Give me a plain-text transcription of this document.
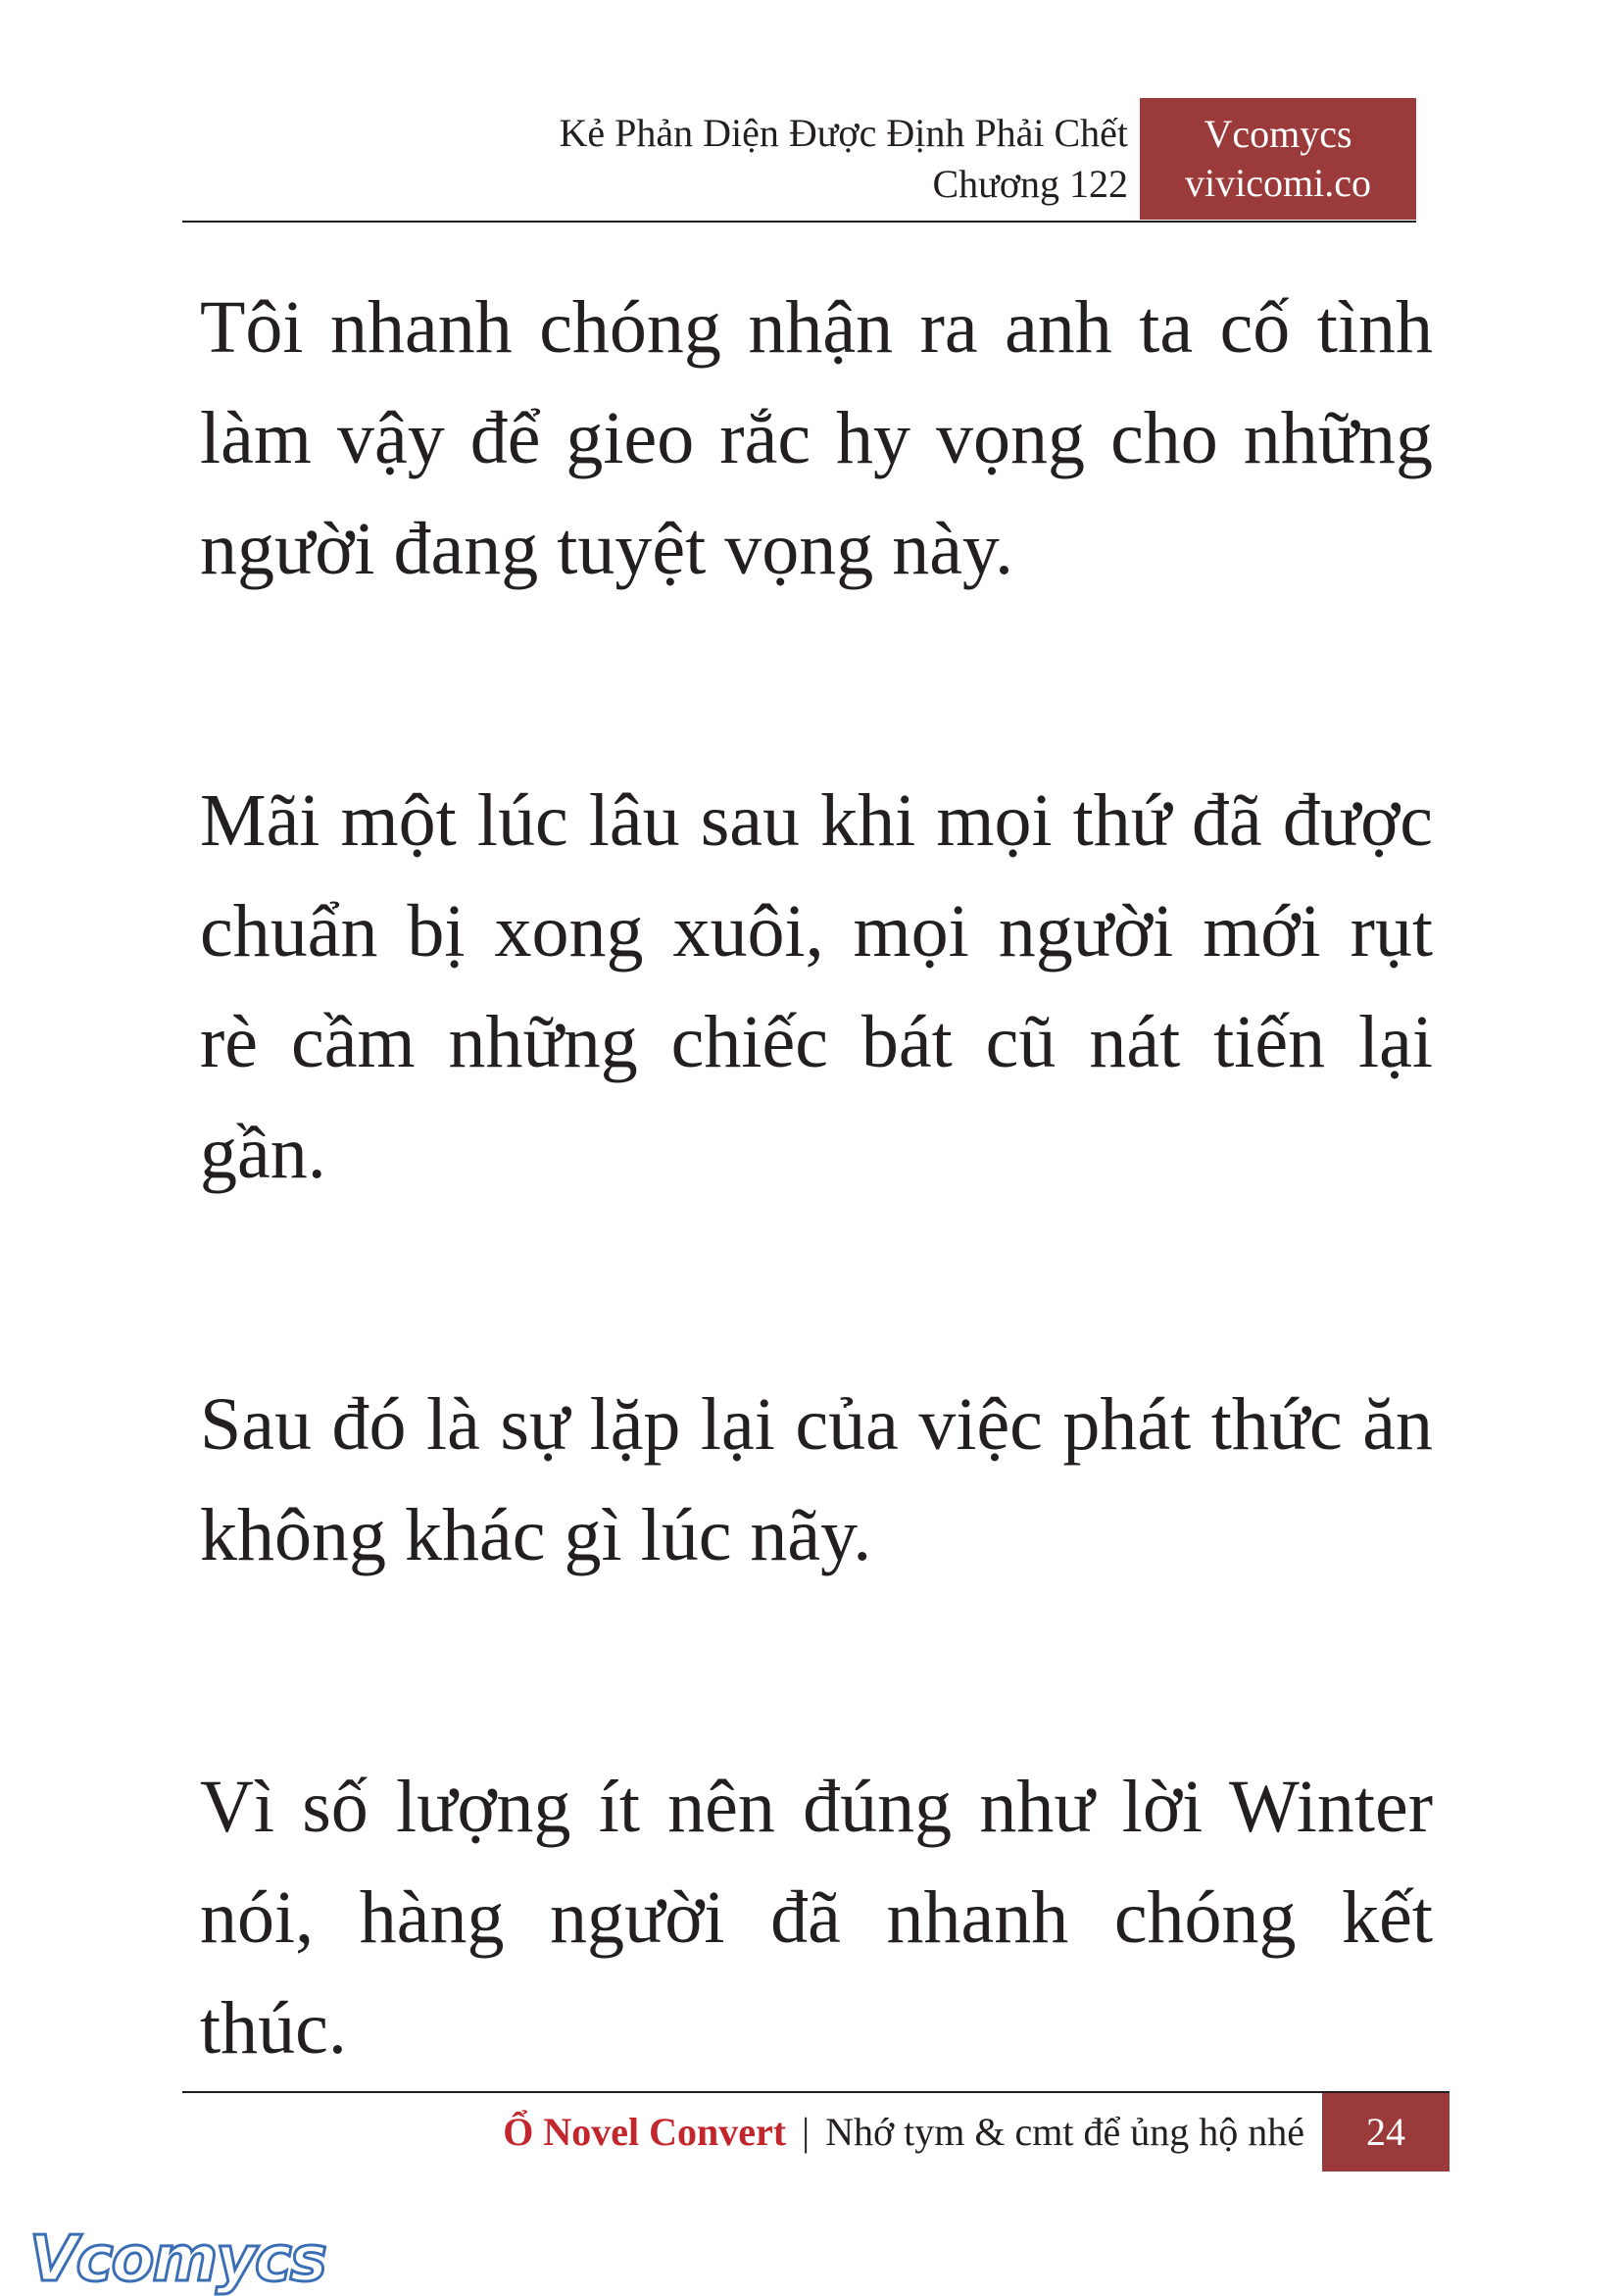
Kẻ Phản Diện Được Định Phải Chết
Chương 122
Vcomycs
vivicomi.co

Tôi nhanh chóng nhận ra anh ta cố tình làm vậy để gieo rắc hy vọng cho những người đang tuyệt vọng này.

Mãi một lúc lâu sau khi mọi thứ đã được chuẩn bị xong xuôi, mọi người mới rụt rè cầm những chiếc bát cũ nát tiến lại gần.

Sau đó là sự lặp lại của việc phát thức ăn không khác gì lúc nãy.

Vì số lượng ít nên đúng như lời Winter nói, hàng người đã nhanh chóng kết thúc.

Ổ Novel Convert | Nhớ tym & cmt để ủng hộ nhé	24
Vcomycs
